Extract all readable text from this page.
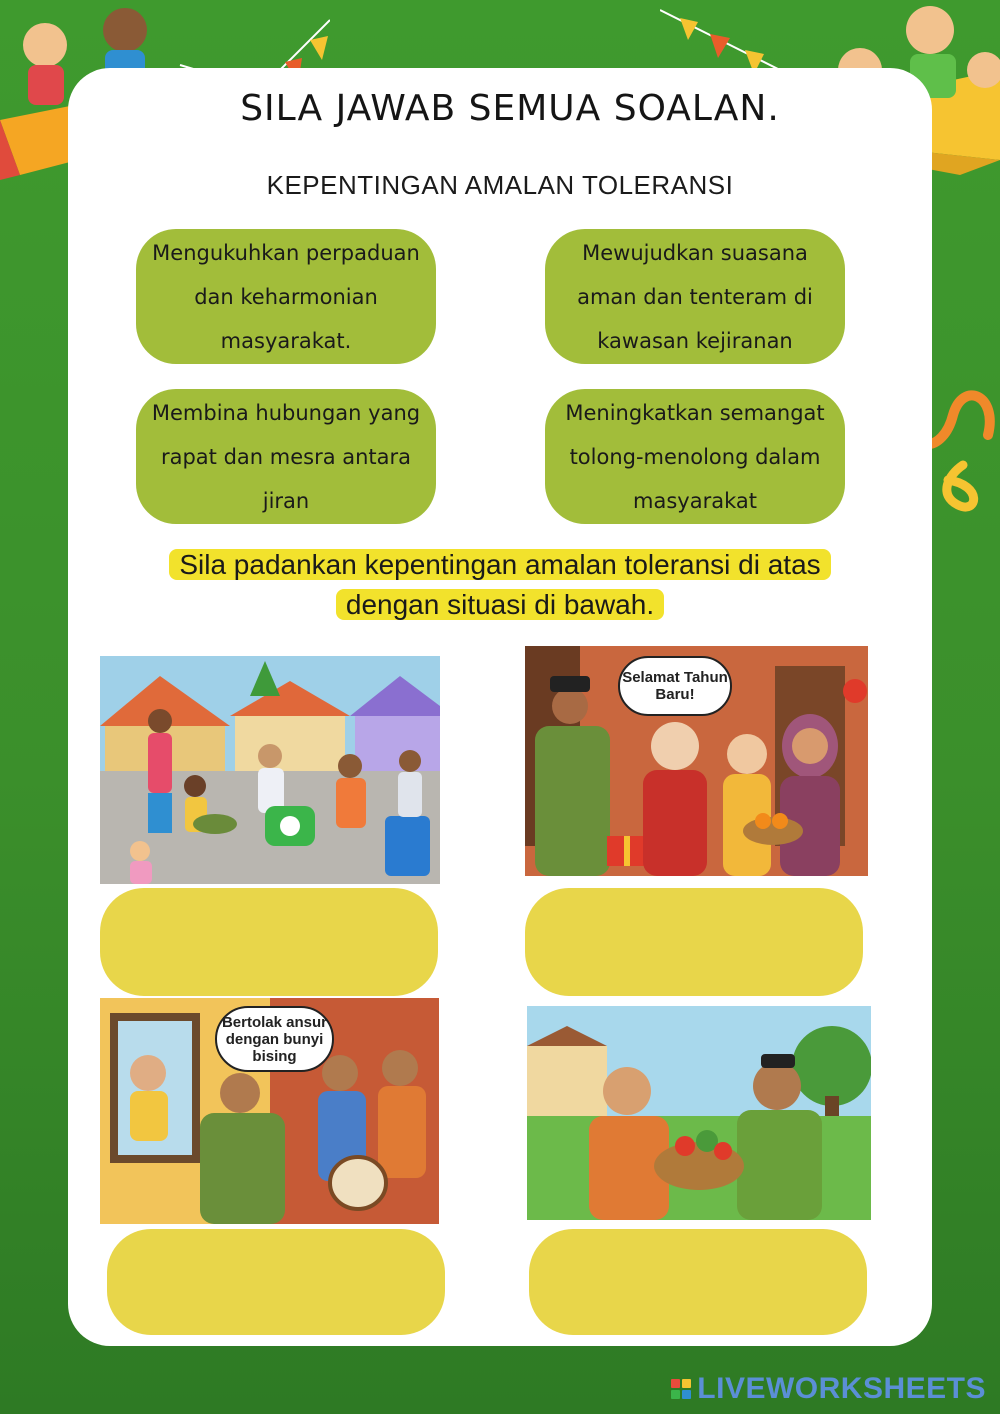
SILA JAWAB SEMUA SOALAN.
KEPENTINGAN AMALAN TOLERANSI
Mengukuhkan perpaduan dan keharmonian masyarakat.
Mewujudkan suasana aman dan tenteram di kawasan kejiranan
Membina hubungan yang rapat dan mesra antara jiran
Meningkatkan semangat tolong-menolong dalam masyarakat
Sila padankan kepentingan amalan toleransi di atas dengan situasi di bawah.
Selamat Tahun Baru!
Bertolak ansur dengan bunyi bising
LIVEWORKSHEETS
